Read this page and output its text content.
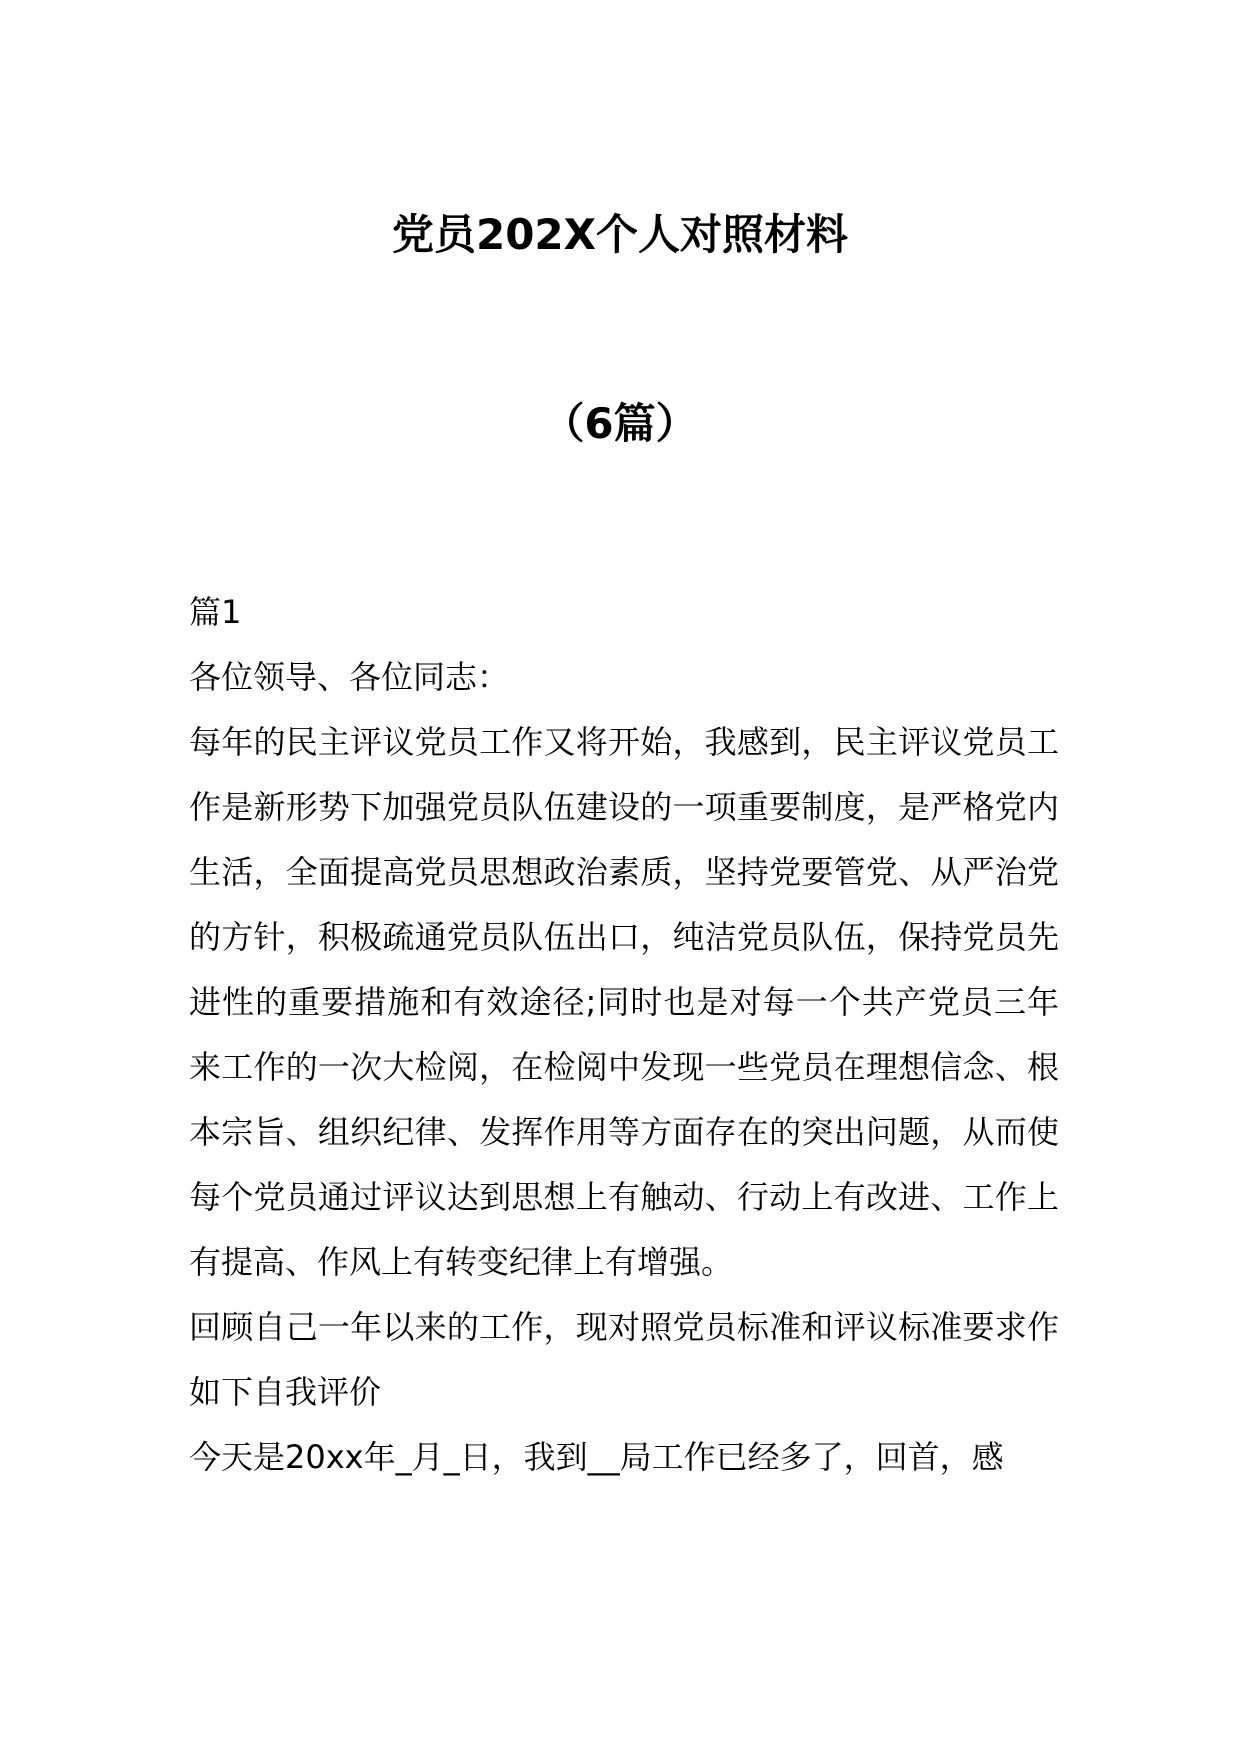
党员202X个人对照材料
（6篇）

篇1

各位领导、各位同志：

每年的民主评议党员工作又将开始，我感到，民主评议党员工作是新形势下加强党员队伍建设的一项重要制度，是严格党内生活，全面提高党员思想政治素质，坚持党要管党、从严治党的方针，积极疏通党员队伍出口，纯洁党员队伍，保持党员先进性的重要措施和有效途径;同时也是对每一个共产党员三年来工作的一次大检阅，在检阅中发现一些党员在理想信念、根本宗旨、组织纪律、发挥作用等方面存在的突出问题，从而使每个党员通过评议达到思想上有触动、行动上有改进、工作上有提高、作风上有转变纪律上有增强。

回顾自己一年以来的工作，现对照党员标准和评议标准要求作如下自我评价

今天是20xx年_月_日，我到__局工作已经多了，回首，感
